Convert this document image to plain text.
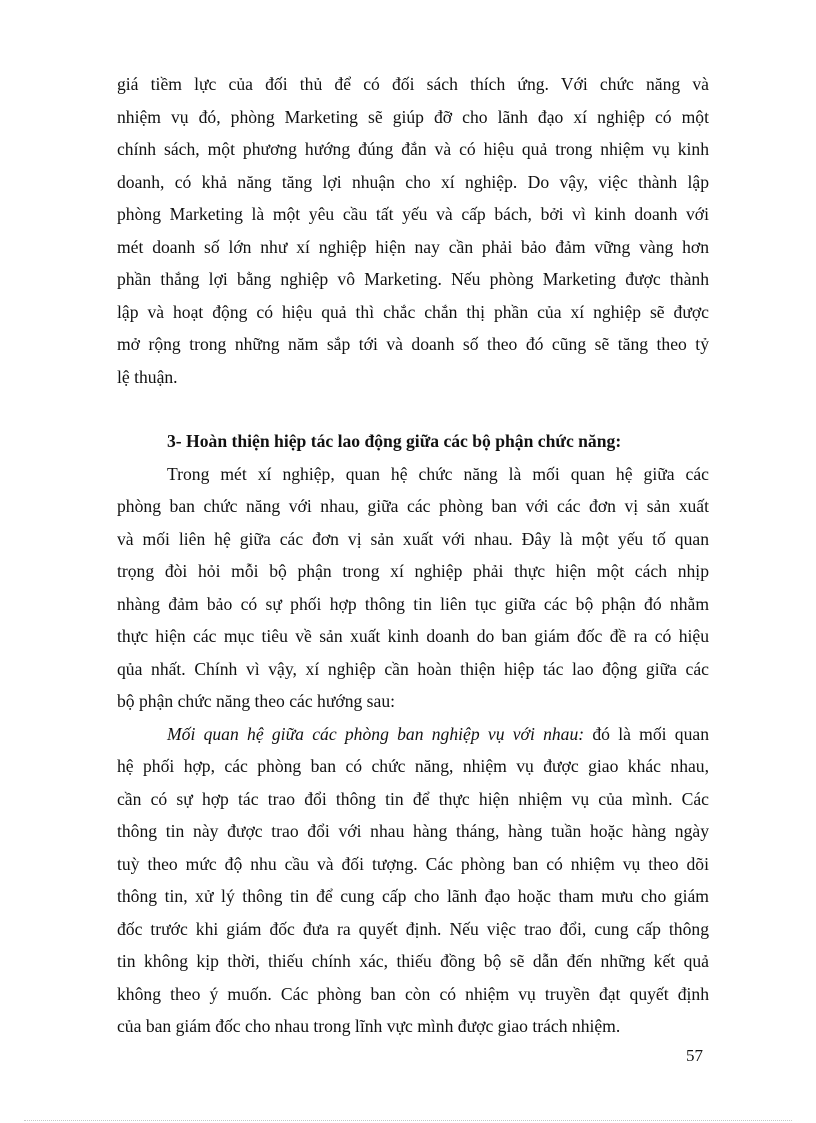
giá tiềm lực của đối thủ để có đối sách thích ứng. Với chức năng và
nhiệm vụ đó, phòng Marketing sẽ giúp đỡ cho lãnh đạo xí nghiệp có một
chính sách, một phương hướng đúng đắn và có hiệu quả trong nhiệm vụ kinh
doanh, có khả năng tăng lợi nhuận cho xí nghiệp. Do vậy, việc thành lập
phòng Marketing là một yêu cầu tất yếu và cấp bách, bởi vì kinh doanh với
mét doanh số lớn như xí nghiệp hiện nay cần phải bảo đảm vững vàng hơn
phần thắng lợi bằng nghiệp vô Marketing. Nếu phòng Marketing được thành
lập và hoạt động có hiệu quả thì chắc chắn thị phần của xí nghiệp sẽ được
mở rộng trong những năm sắp tới và doanh số theo đó cũng sẽ tăng theo tỷ
lệ thuận.
3- Hoàn thiện hiệp tác lao động giữa các bộ phận chức năng:
Trong mét xí nghiệp, quan hệ chức năng là mối quan hệ giữa các
phòng ban chức năng với nhau, giữa các phòng ban với các đơn vị sản xuất
và mối liên hệ giữa các đơn vị sản xuất với nhau. Đây là một yếu tố quan
trọng đòi hỏi mỗi bộ phận trong xí nghiệp phải thực hiện một cách nhịp
nhàng đảm bảo có sự phối hợp thông tin liên tục giữa các bộ phận đó nhằm
thực hiện các mục tiêu về sản xuất kinh doanh do ban giám đốc đề ra có hiệu
qủa nhất. Chính vì vậy, xí nghiệp cần hoàn thiện hiệp tác lao động giữa các
bộ phận chức năng theo các hướng sau:
Mối quan hệ giữa các phòng ban nghiệp vụ với nhau: đó là mối quan
hệ phối hợp, các phòng ban có chức năng, nhiệm vụ được giao khác nhau,
cần có sự hợp tác trao đổi thông tin để thực hiện nhiệm vụ của mình. Các
thông tin này được trao đổi với nhau hàng tháng, hàng tuần hoặc hàng ngày
tuỳ theo mức độ nhu cầu và đối tượng. Các phòng ban có nhiệm vụ theo dõi
thông tin, xử lý thông tin để cung cấp cho lãnh đạo hoặc tham mưu cho giám
đốc trước khi giám đốc đưa ra quyết định. Nếu việc trao đổi, cung cấp thông
tin không kịp thời, thiếu chính xác, thiếu đồng bộ sẽ dẫn đến những kết quả
không theo ý muốn. Các phòng ban còn có nhiệm vụ truyền đạt quyết định
của ban giám đốc cho nhau trong lĩnh vực mình được giao trách nhiệm.
57
